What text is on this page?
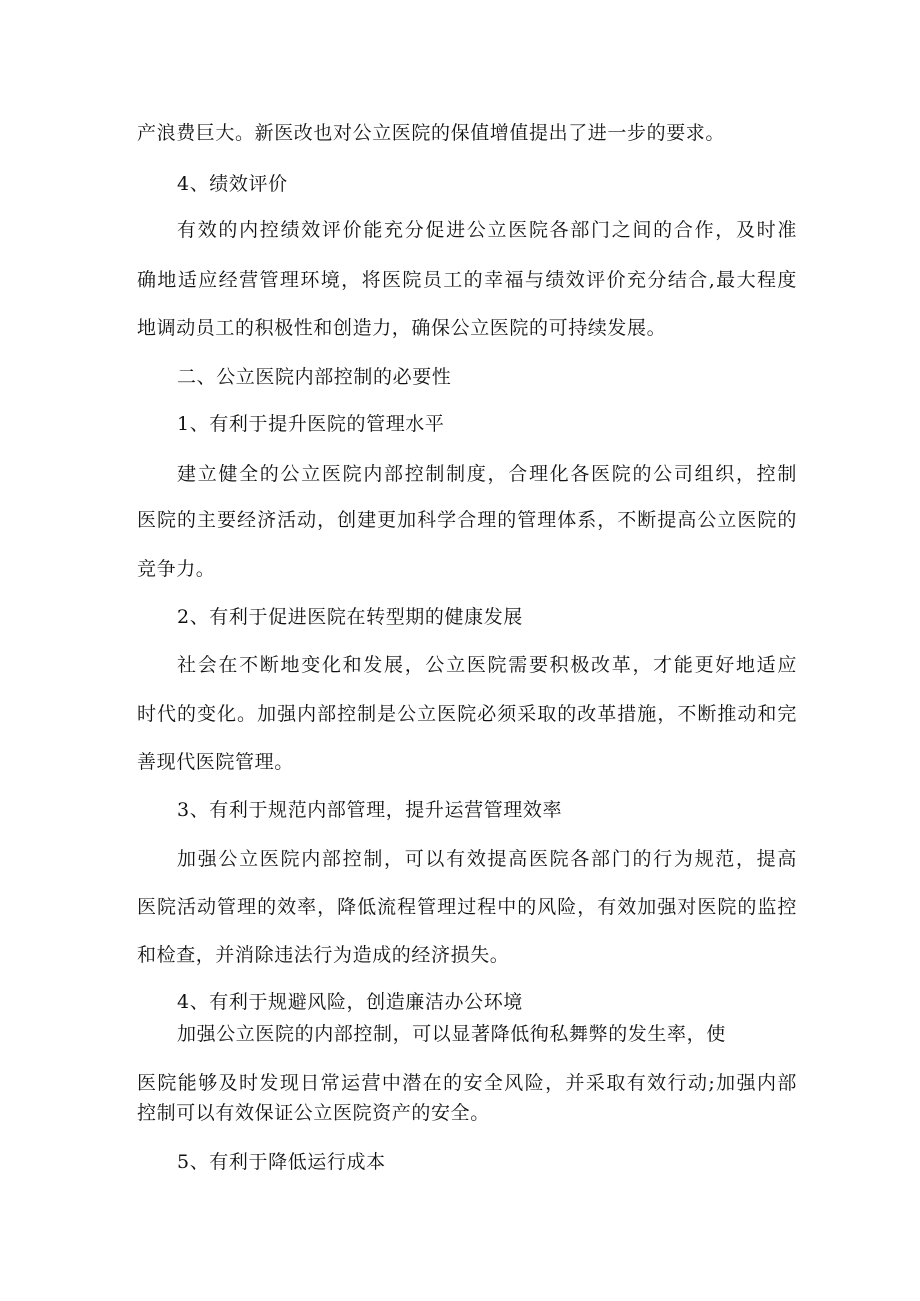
产浪费巨大。新医改也对公立医院的保值增值提出了进一步的要求。
4、绩效评价
有效的内控绩效评价能充分促进公立医院各部门之间的合作，及时准
确地适应经营管理环境，将医院员工的幸福与绩效评价充分结合,最大程度
地调动员工的积极性和创造力，确保公立医院的可持续发展。
二、公立医院内部控制的必要性
1、有利于提升医院的管理水平
建立健全的公立医院内部控制制度，合理化各医院的公司组织，控制
医院的主要经济活动，创建更加科学合理的管理体系，不断提高公立医院的
竞争力。
2、有利于促进医院在转型期的健康发展
社会在不断地变化和发展，公立医院需要积极改革，才能更好地适应
时代的变化。加强内部控制是公立医院必须采取的改革措施，不断推动和完
善现代医院管理。
3、有利于规范内部管理，提升运营管理效率
加强公立医院内部控制，可以有效提高医院各部门的行为规范，提高
医院活动管理的效率，降低流程管理过程中的风险，有效加强对医院的监控
和检查，并消除违法行为造成的经济损失。
4、有利于规避风险，创造廉洁办公环境
加强公立医院的内部控制，可以显著降低徇私舞弊的发生率，使
医院能够及时发现日常运营中潜在的安全风险，并采取有效行动;加强内部
控制可以有效保证公立医院资产的安全。
5、有利于降低运行成本
